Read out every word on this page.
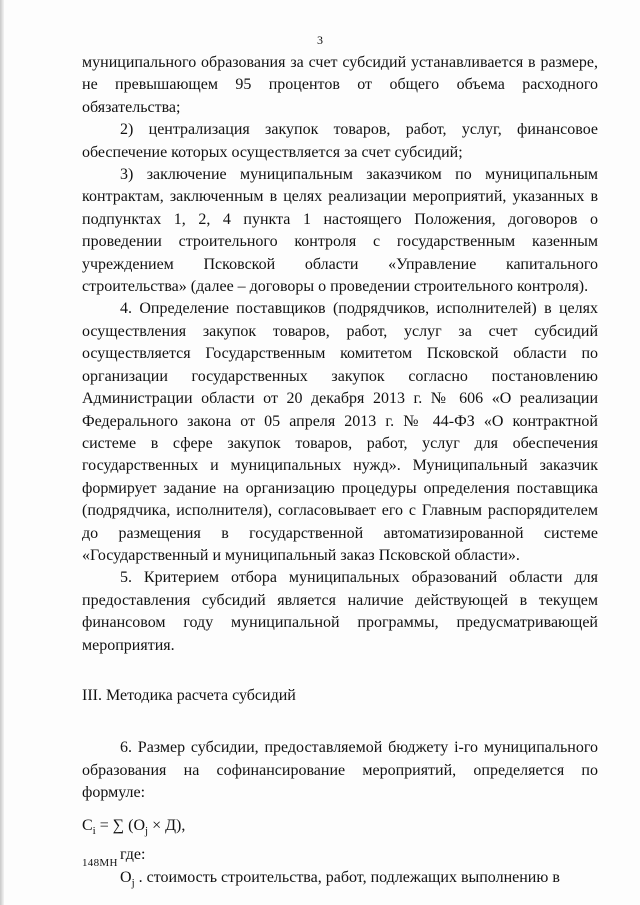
3

муниципального образования за счет субсидий устанавливается в размере, не превышающем 95 процентов от общего объема расходного обязательства;

2) централизация закупок товаров, работ, услуг, финансовое обеспечение которых осуществляется за счет субсидий;

3) заключение муниципальным заказчиком по муниципальным контрактам, заключенным в целях реализации мероприятий, указанных в подпунктах 1, 2, 4 пункта 1 настоящего Положения, договоров о проведении строительного контроля с государственным казенным учреждением Псковской области «Управление капитального строительства» (далее – договоры о проведении строительного контроля).

4. Определение поставщиков (подрядчиков, исполнителей) в целях осуществления закупок товаров, работ, услуг за счет субсидий осуществляется Государственным комитетом Псковской области по организации государственных закупок согласно постановлению Администрации области от 20 декабря 2013 г. № 606 «О реализации Федерального закона от 05 апреля 2013 г. № 44-ФЗ «О контрактной системе в сфере закупок товаров, работ, услуг для обеспечения государственных и муниципальных нужд». Муниципальный заказчик формирует задание на организацию процедуры определения поставщика (подрядчика, исполнителя), согласовывает его с Главным распорядителем до размещения в государственной автоматизированной системе «Государственный и муниципальный заказ Псковской области».

5. Критерием отбора муниципальных образований области для предоставления субсидий является наличие действующей в текущем финансовом году муниципальной программы, предусматривающей мероприятия.

III. Методика расчета субсидий

6. Размер субсидии, предоставляемой бюджету i-го муниципального образования на софинансирование мероприятий, определяется по формуле:

$C_i$ = ∑ $(O_j \times Д)$,

где:

$O_j$ . стоимость строительства, работ, подлежащих выполнению в

148МН
